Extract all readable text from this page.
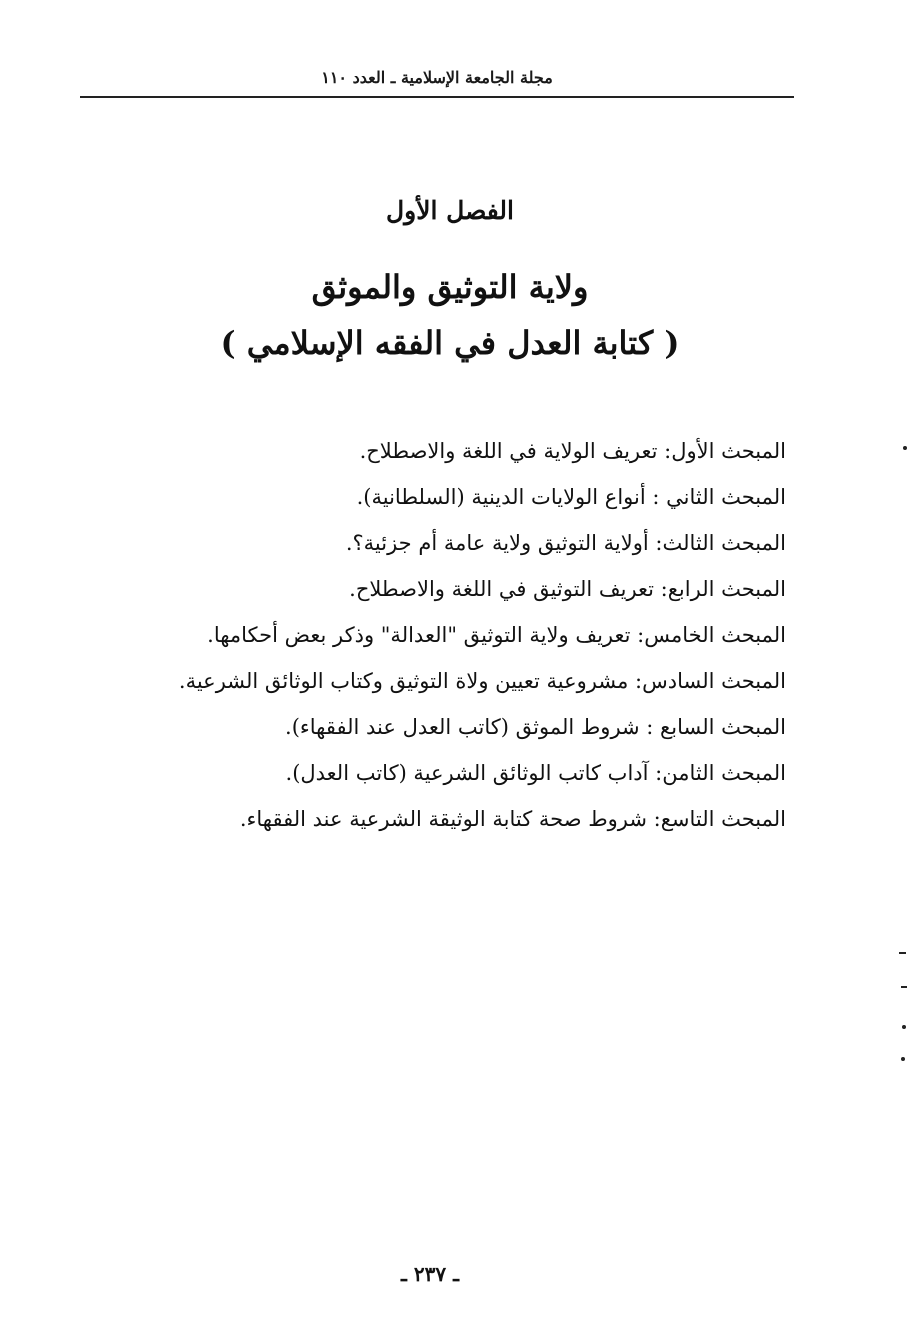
مجلة الجامعة الإسلامية ـ العدد ١١٠
الفصل الأول
ولاية التوثيق والموثق
( كتابة العدل في الفقه الإسلامي )
المبحث الأول: تعريف الولاية في اللغة والاصطلاح.
المبحث الثاني : أنواع الولايات الدينية (السلطانية).
المبحث الثالث: أولاية التوثيق ولاية عامة أم جزئية؟.
المبحث الرابع: تعريف التوثيق في اللغة والاصطلاح.
المبحث الخامس: تعريف ولاية التوثيق "العدالة" وذكر بعض أحكامها.
المبحث السادس: مشروعية تعيين ولاة التوثيق وكتاب الوثائق الشرعية.
المبحث السابع : شروط الموثق (كاتب العدل عند الفقهاء).
المبحث الثامن: آداب كاتب الوثائق الشرعية (كاتب العدل).
المبحث التاسع: شروط صحة كتابة الوثيقة الشرعية عند الفقهاء.
ـ ٢٣٧ ـ
